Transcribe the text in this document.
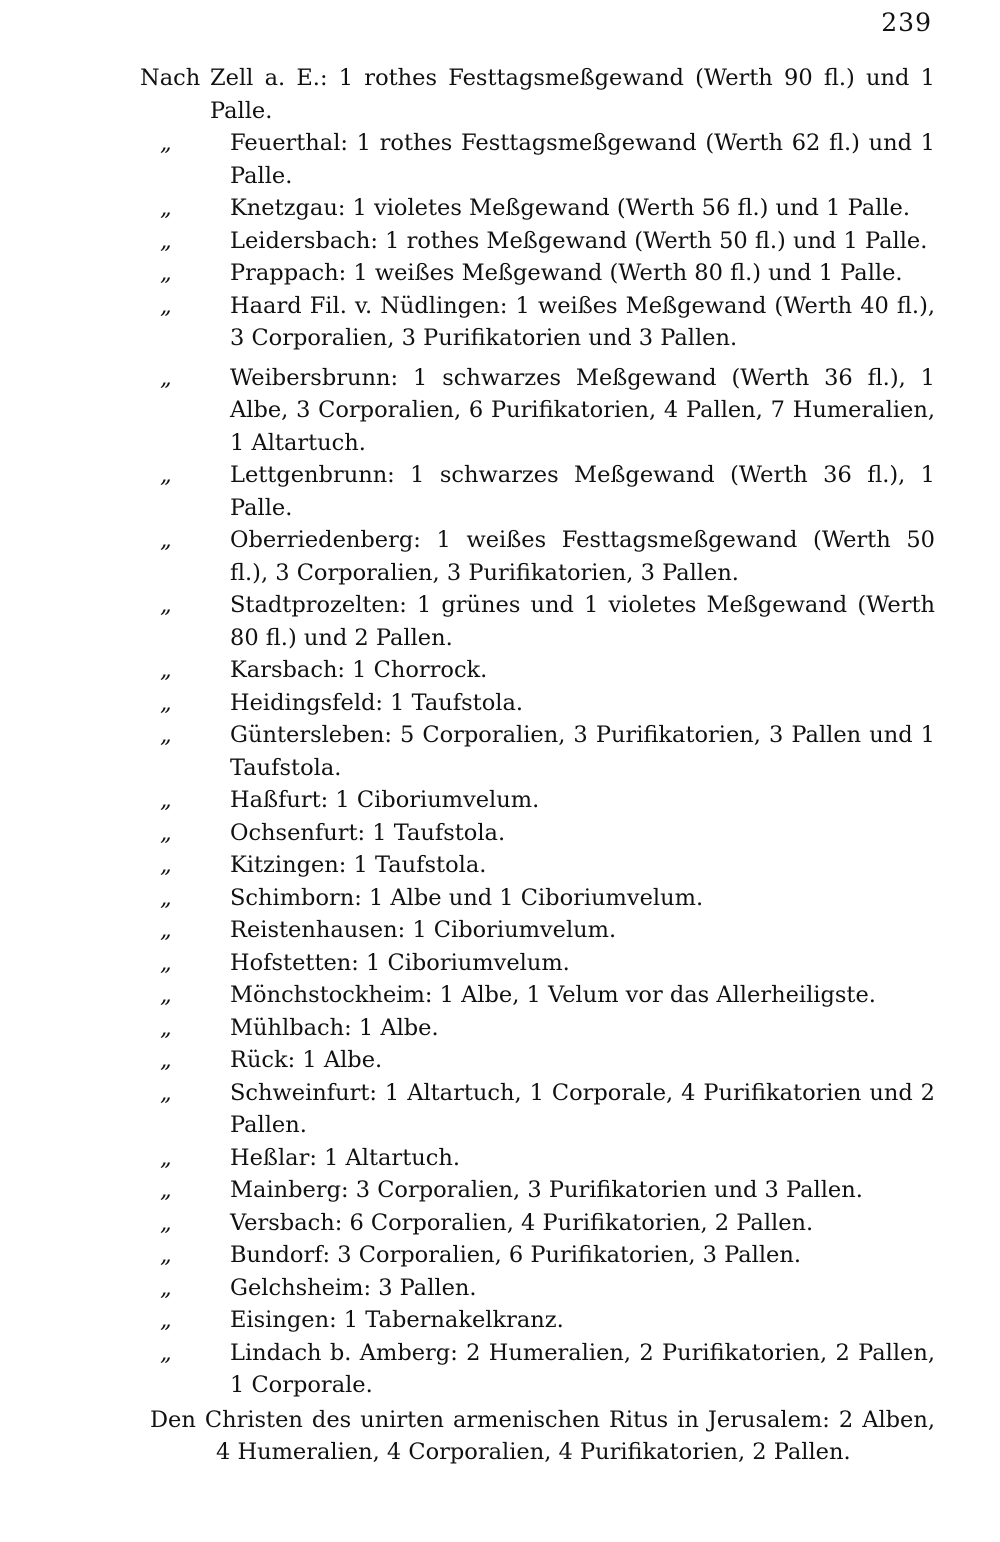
239

Nach Zell a. E.: 1 rothes Festtagsmeßgewand (Werth 90 fl.) und 1 Palle.

„	Feuerthal: 1 rothes Festtagsmeßgewand (Werth 62 fl.) und 1 Palle.

„	Knetzgau: 1 violetes Meßgewand (Werth 56 fl.) und 1 Palle.

„	Leidersbach: 1 rothes Meßgewand (Werth 50 fl.) und 1 Palle.

„	Prappach: 1 weißes Meßgewand (Werth 80 fl.) und 1 Palle.

„	Haard Fil. v. Nüdlingen: 1 weißes Meßgewand (Werth 40 fl.), 3 Corporalien, 3 Purifikatorien und 3 Pallen.

„	Weibersbrunn: 1 schwarzes Meßgewand (Werth 36 fl.), 1 Albe, 3 Corporalien, 6 Purifikatorien, 4 Pallen, 7 Humeralien, 1 Altartuch.

„	Lettgenbrunn: 1 schwarzes Meßgewand (Werth 36 fl.), 1 Palle.

„	Oberriedenberg: 1 weißes Festtagsmeßgewand (Werth 50 fl.), 3 Corporalien, 3 Purifikatorien, 3 Pallen.

„	Stadtprozelten: 1 grünes und 1 violetes Meßgewand (Werth 80 fl.) und 2 Pallen.

„	Karsbach: 1 Chorrock.

„	Heidingsfeld: 1 Taufstola.

„	Güntersleben: 5 Corporalien, 3 Purifikatorien, 3 Pallen und 1 Taufstola.

„	Haßfurt: 1 Ciboriumvelum.

„	Ochsenfurt: 1 Taufstola.

„	Kitzingen: 1 Taufstola.

„	Schimborn: 1 Albe und 1 Ciboriumvelum.

„	Reistenhausen: 1 Ciboriumvelum.

„	Hofstetten: 1 Ciboriumvelum.

„	Mönchstockheim: 1 Albe, 1 Velum vor das Allerheiligste.

„	Mühlbach: 1 Albe.

„	Rück: 1 Albe.

„	Schweinfurt: 1 Altartuch, 1 Corporale, 4 Purifikatorien und 2 Pallen.

„	Heßlar: 1 Altartuch.

„	Mainberg: 3 Corporalien, 3 Purifikatorien und 3 Pallen.

„	Versbach: 6 Corporalien, 4 Purifikatorien, 2 Pallen.

„	Bundorf: 3 Corporalien, 6 Purifikatorien, 3 Pallen.

„	Gelchsheim: 3 Pallen.

„	Eisingen: 1 Tabernakelkranz.

„	Lindach b. Amberg: 2 Humeralien, 2 Purifikatorien, 2 Pallen, 1 Corporale.

Den Christen des unirten armenischen Ritus in Jerusalem: 2 Alben, 4 Humeralien, 4 Corporalien, 4 Purifikatorien, 2 Pallen.
